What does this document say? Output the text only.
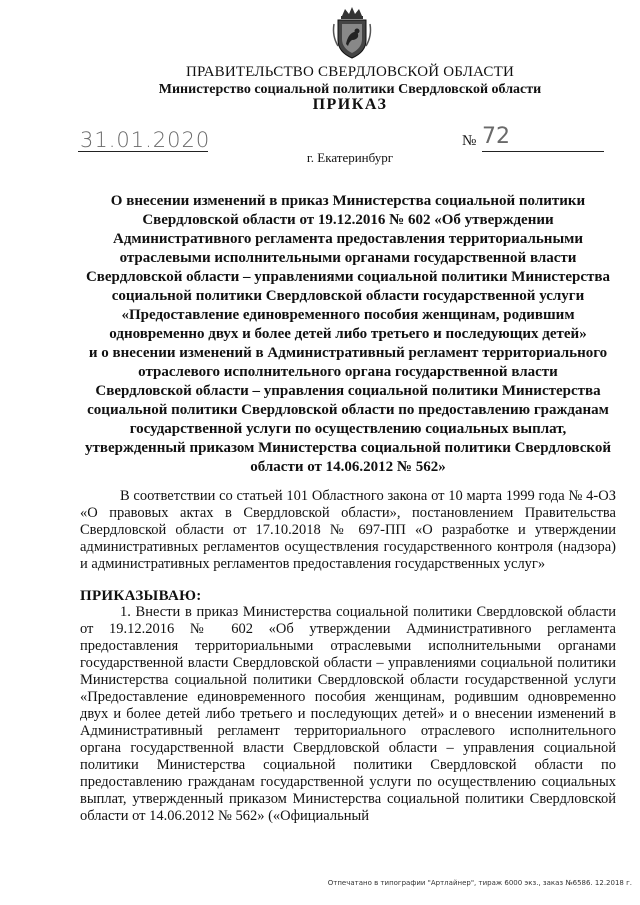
ПРАВИТЕЛЬСТВО СВЕРДЛОВСКОЙ ОБЛАСТИ
Министерство социальной политики Свердловской области
ПРИКАЗ
31.01.2020	№ 72
г. Екатеринбург
О внесении изменений в приказ Министерства социальной политики
Свердловской области от 19.12.2016 № 602 «Об утверждении
Административного регламента предоставления территориальными
отраслевыми исполнительными органами государственной власти
Свердловской области – управлениями социальной политики Министерства
социальной политики Свердловской области государственной услуги
«Предоставление единовременного пособия женщинам, родившим
одновременно двух и более детей либо третьего и последующих детей»
и о внесении изменений в Административный регламент территориального
отраслевого исполнительного органа государственной власти
Свердловской области – управления социальной политики Министерства
социальной политики Свердловской области по предоставлению гражданам
государственной услуги по осуществлению социальных выплат,
утвержденный приказом Министерства социальной политики Свердловской
области от 14.06.2012 № 562»
В соответствии со статьей 101 Областного закона от 10 марта 1999 года № 4-ОЗ «О правовых актах в Свердловской области», постановлением Правительства Свердловской области от 17.10.2018 № 697-ПП «О разработке и утверждении административных регламентов осуществления государственного контроля (надзора) и административных регламентов предоставления государственных услуг»
ПРИКАЗЫВАЮ:
1. Внести в приказ Министерства социальной политики Свердловской области от 19.12.2016 № 602 «Об утверждении Административного регламента предоставления территориальными отраслевыми исполнительными органами государственной власти Свердловской области – управлениями социальной политики Министерства социальной политики Свердловской области государственной услуги «Предоставление единовременного пособия женщинам, родившим одновременно двух и более детей либо третьего и последующих детей» и о внесении изменений в Административный регламент территориального отраслевого исполнительного органа государственной власти Свердловской области – управления социальной политики Министерства социальной политики Свердловской области по предоставлению гражданам государственной услуги по осуществлению социальных выплат, утвержденный приказом Министерства социальной политики Свердловской области от 14.06.2012 № 562» («Официальный
Отпечатано в типографии "Артлайнер", тираж 6000 экз., заказ №6586. 12.2018 г.
